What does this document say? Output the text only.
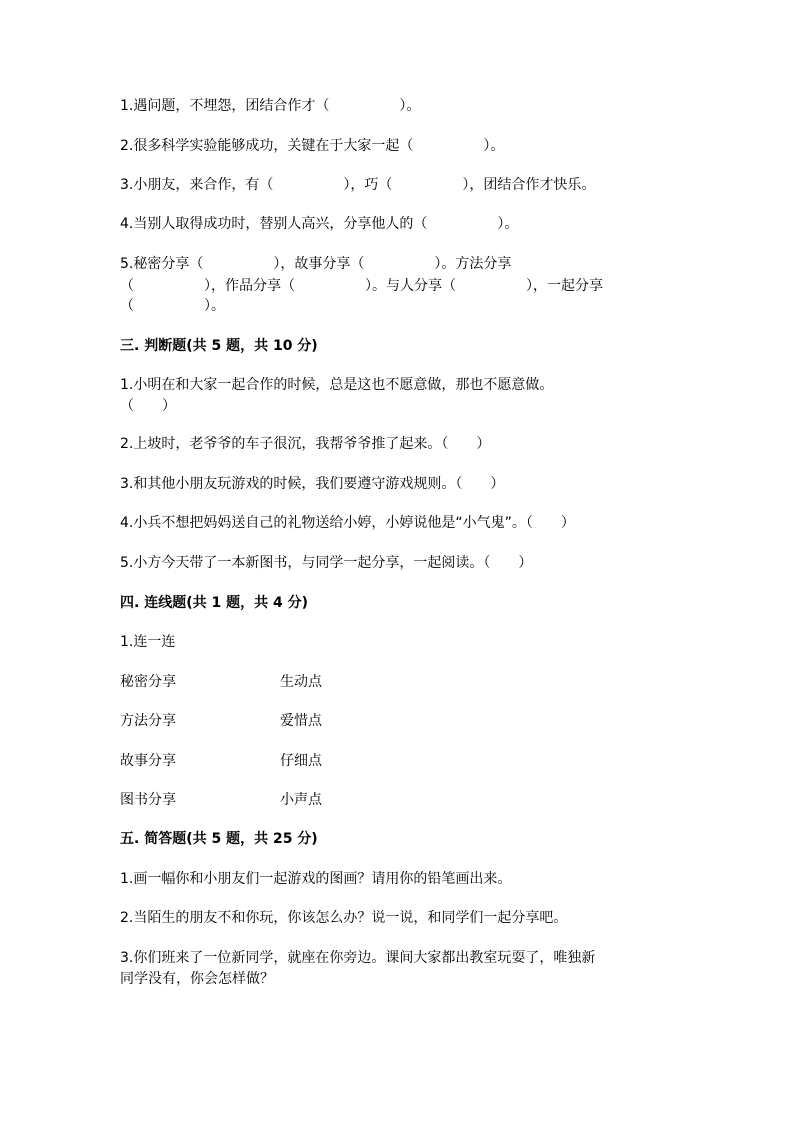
1.遇问题，不埋怨，团结合作才（　　　　　）。
2.很多科学实验能够成功，关键在于大家一起（　　　　　）。
3.小朋友，来合作，有（　　　　　），巧（　　　　　），团结合作才快乐。
4.当别人取得成功时，替别人高兴，分享他人的（　　　　　）。
5.秘密分享（　　　　　），故事分享（　　　　　）。方法分享
（　　　　　），作品分享（　　　　　）。与人分享（　　　　　），一起分享
（　　　　　）。
三. 判断题(共 5 题，共 10 分)
1.小明在和大家一起合作的时候，总是这也不愿意做，那也不愿意做。
（　　）
2.上坡时，老爷爷的车子很沉，我帮爷爷推了起来。（　　）
3.和其他小朋友玩游戏的时候，我们要遵守游戏规则。（　　）
4.小兵不想把妈妈送自己的礼物送给小婷，小婷说他是“小气鬼”。（　　）
5.小方今天带了一本新图书，与同学一起分享，一起阅读。（　　）
四. 连线题(共 1 题，共 4 分)
1.连一连
秘密分享	生动点
方法分享	爱惜点
故事分享	仔细点
图书分享	小声点
五. 简答题(共 5 题，共 25 分)
1.画一幅你和小朋友们一起游戏的图画？请用你的铅笔画出来。
2.当陌生的朋友不和你玩，你该怎么办？说一说，和同学们一起分享吧。
3.你们班来了一位新同学，就座在你旁边。课间大家都出教室玩耍了，唯独新
同学没有，你会怎样做？
